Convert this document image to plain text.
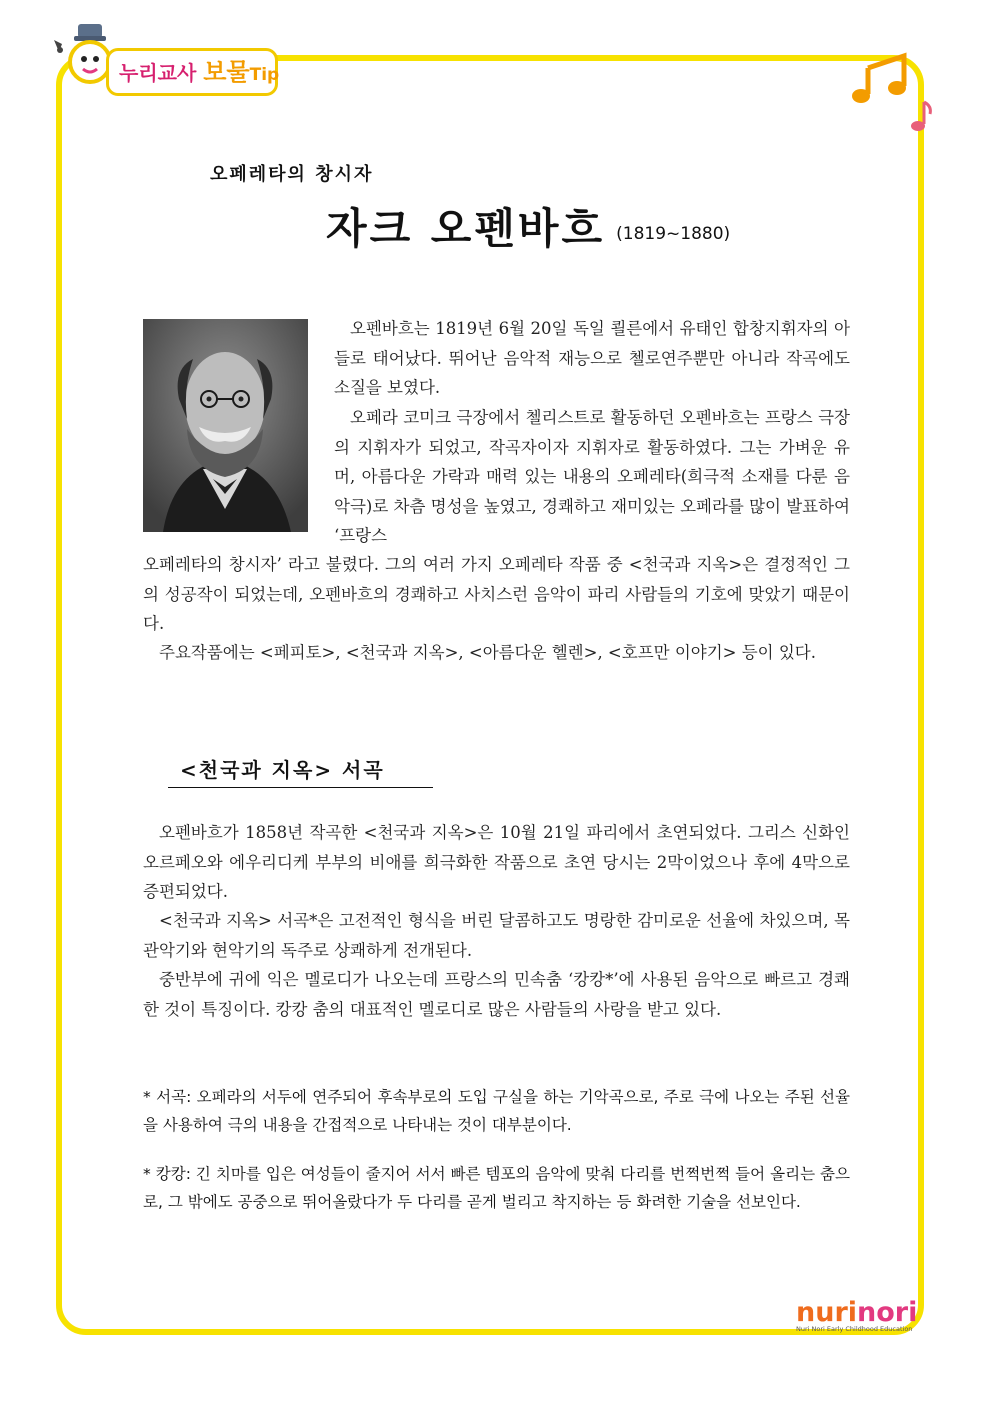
누리교사 보물Tip
오페레타의 창시자
자크 오펜바흐 (1819~1880)

오펜바흐는 1819년 6월 20일 독일 쾰른에서 유태인 합창지휘자의 아들로 태어났다. 뛰어난 음악적 재능으로 첼로연주뿐만 아니라 작곡에도 소질을 보였다.

오페라 코미크 극장에서 첼리스트로 활동하던 오펜바흐는 프랑스 극장의 지휘자가 되었고, 작곡자이자 지휘자로 활동하였다. 그는 가벼운 유머, 아름다운 가락과 매력 있는 내용의 오페레타(희극적 소재를 다룬 음악극)로 차츰 명성을 높였고, 경쾌하고 재미있는 오페라를 많이 발표하여 ‘프랑스

오페레타의 창시자’ 라고 불렸다. 그의 여러 가지 오페레타 작품 중 <천국과 지옥>은 결정적인 그의 성공작이 되었는데, 오펜바흐의 경쾌하고 사치스런 음악이 파리 사람들의 기호에 맞았기 때문이다.

주요작품에는 <페피토>, <천국과 지옥>, <아름다운 헬렌>, <호프만 이야기> 등이 있다.

<천국과 지옥> 서곡

오펜바흐가 1858년 작곡한 <천국과 지옥>은 10월 21일 파리에서 초연되었다. 그리스 신화인 오르페오와 에우리디케 부부의 비애를 희극화한 작품으로 초연 당시는 2막이었으나 후에 4막으로 증편되었다.

<천국과 지옥> 서곡*은 고전적인 형식을 버린 달콤하고도 명랑한 감미로운 선율에 차있으며, 목관악기와 현악기의 독주로 상쾌하게 전개된다.

중반부에 귀에 익은 멜로디가 나오는데 프랑스의 민속춤 ‘캉캉*’에 사용된 음악으로 빠르고 경쾌한 것이 특징이다. 캉캉 춤의 대표적인 멜로디로 많은 사람들의 사랑을 받고 있다.

* 서곡: 오페라의 서두에 연주되어 후속부로의 도입 구실을 하는 기악곡으로, 주로 극에 나오는 주된 선율을 사용하여 극의 내용을 간접적으로 나타내는 것이 대부분이다.

* 캉캉: 긴 치마를 입은 여성들이 줄지어 서서 빠른 템포의 음악에 맞춰 다리를 번쩍번쩍 들어 올리는 춤으로, 그 밖에도 공중으로 뛰어올랐다가 두 다리를 곧게 벌리고 착지하는 등 화려한 기술을 선보인다.

nurinori
Nuri Nori Early Childhood Education
